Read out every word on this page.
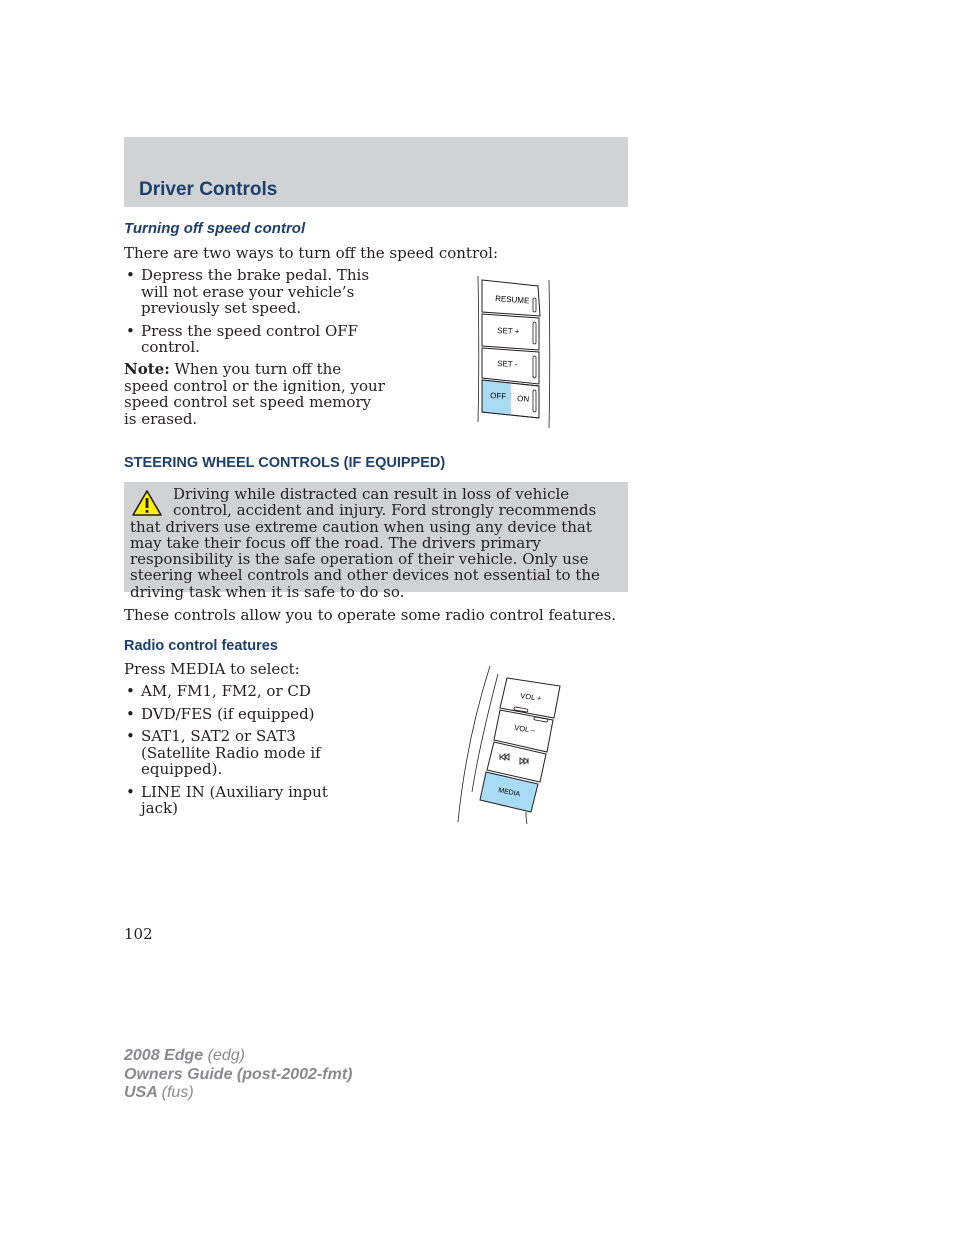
Driver Controls
Turning off speed control
There are two ways to turn off the speed control:
• Depress the brake pedal. This will not erase your vehicle’s previously set speed.
• Press the speed control OFF control.
Note: When you turn off the speed control or the ignition, your speed control set speed memory is erased.
RESUME
SET +
SET -
OFF ON
STEERING WHEEL CONTROLS (IF EQUIPPED)
Driving while distracted can result in loss of vehicle control, accident and injury. Ford strongly recommends that drivers use extreme caution when using any device that may take their focus off the road. The drivers primary responsibility is the safe operation of their vehicle. Only use steering wheel controls and other devices not essential to the driving task when it is safe to do so.
These controls allow you to operate some radio control features.
Radio control features
Press MEDIA to select:
• AM, FM1, FM2, or CD
• DVD/FES (if equipped)
• SAT1, SAT2 or SAT3 (Satellite Radio mode if equipped).
• LINE IN (Auxiliary input jack)
VOL +
VOL –
MEDIA
102
2008 Edge (edg)
Owners Guide (post-2002-fmt)
USA (fus)
